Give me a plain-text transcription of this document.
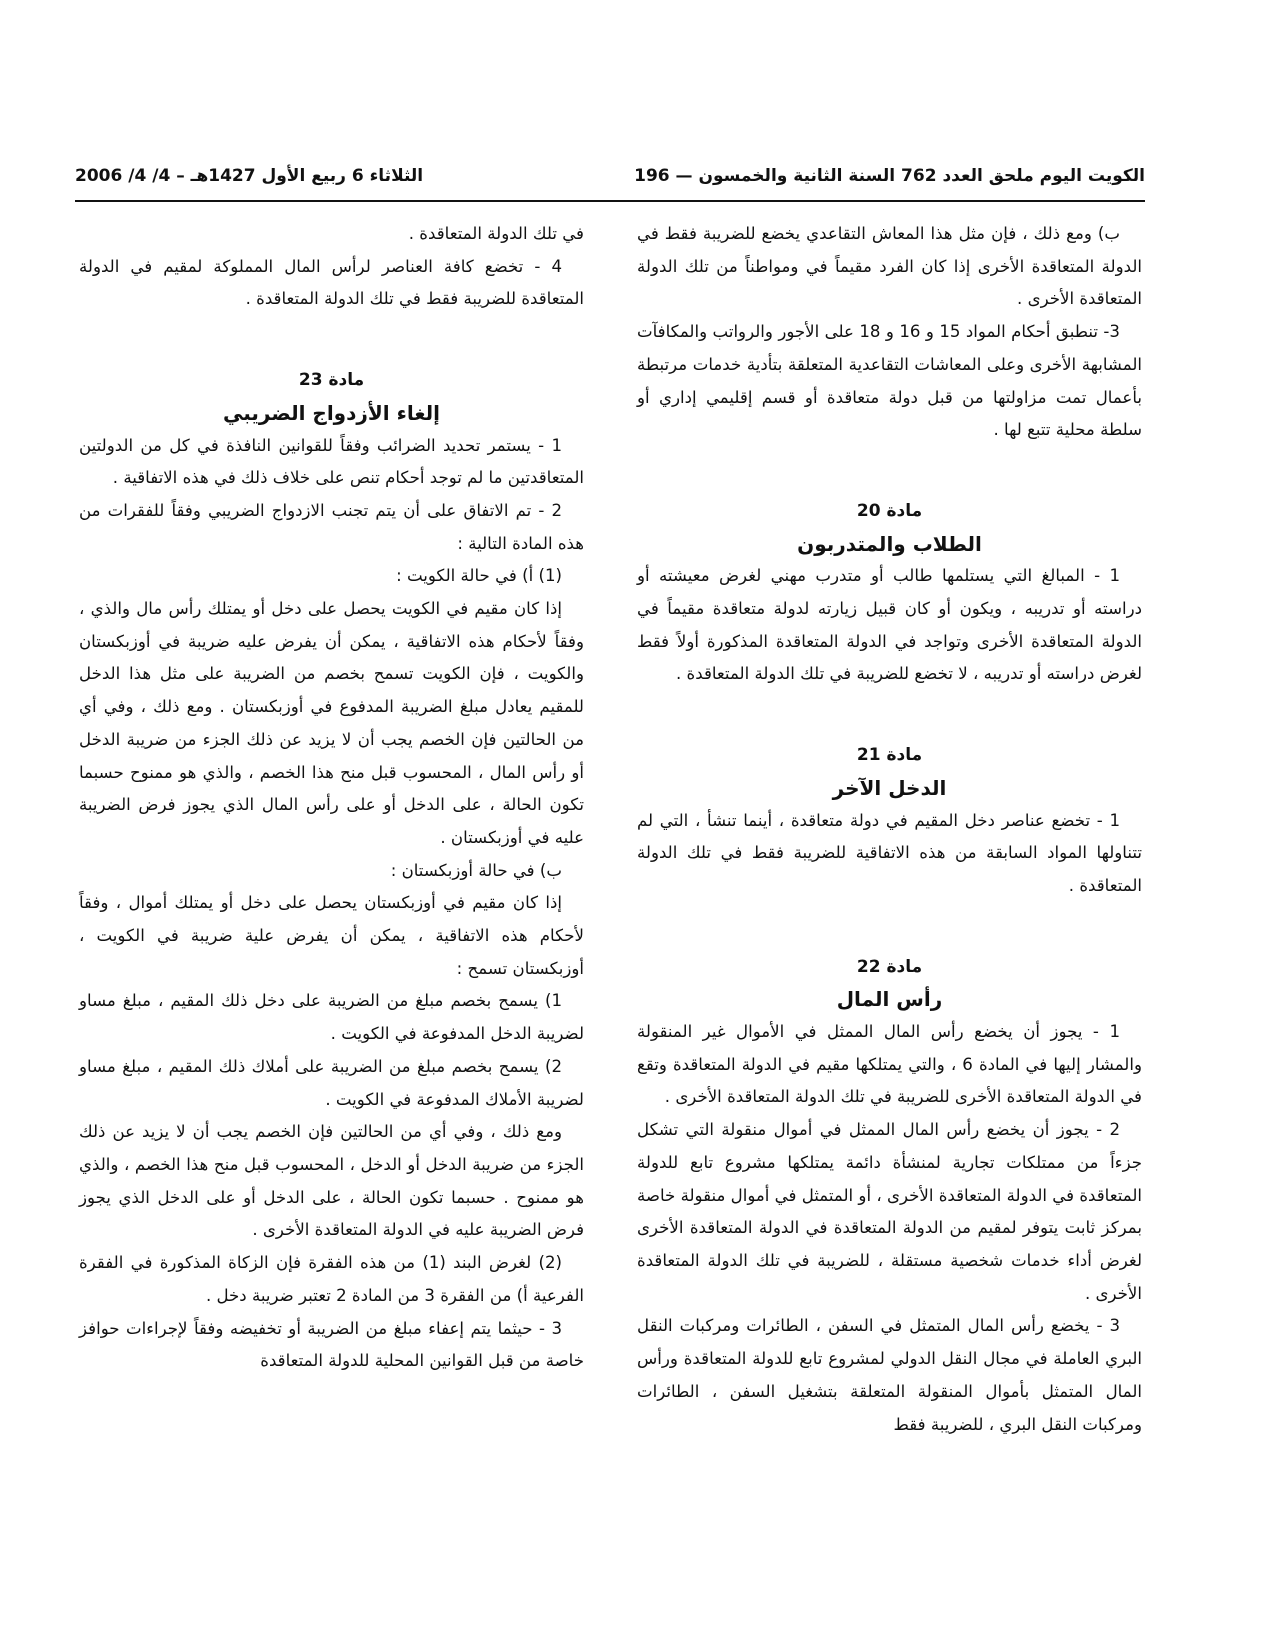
الكويت اليوم ملحق العدد 762 السنة الثانية والخمسون — 196
الثلاثاء 6 ربيع الأول 1427هـ – 4/ 4/ 2006

ب) ومع ذلك ، فإن مثل هذا المعاش التقاعدي يخضع للضريبة فقط في الدولة المتعاقدة الأخرى إذا كان الفرد مقيماً في ومواطناً من تلك الدولة المتعاقدة الأخرى .

3- تنطبق أحكام المواد 15 و 16 و 18 على الأجور والرواتب والمكافآت المشابهة الأخرى وعلى المعاشات التقاعدية المتعلقة بتأدية خدمات مرتبطة بأعمال تمت مزاولتها من قبل دولة متعاقدة أو قسم إقليمي إداري أو سلطة محلية تتبع لها .

مادة 20

الطلاب والمتدربون

1 - المبالغ التي يستلمها طالب أو متدرب مهني لغرض معيشته أو دراسته أو تدريبه ، ويكون أو كان قبيل زيارته لدولة متعاقدة مقيماً في الدولة المتعاقدة الأخرى وتواجد في الدولة المتعاقدة المذكورة أولاً فقط لغرض دراسته أو تدريبه ، لا تخضع للضريبة في تلك الدولة المتعاقدة .

مادة 21

الدخل الآخر

1 - تخضع عناصر دخل المقيم في دولة متعاقدة ، أينما تنشأ ، التي لم تتناولها المواد السابقة من هذه الاتفاقية للضريبة فقط في تلك الدولة المتعاقدة .

مادة 22

رأس المال

1 - يجوز أن يخضع رأس المال الممثل في الأموال غير المنقولة والمشار إليها في المادة 6 ، والتي يمتلكها مقيم في الدولة المتعاقدة وتقع في الدولة المتعاقدة الأخرى للضريبة في تلك الدولة المتعاقدة الأخرى .

2 - يجوز أن يخضع رأس المال الممثل في أموال منقولة التي تشكل جزءاً من ممتلكات تجارية لمنشأة دائمة يمتلكها مشروع تابع للدولة المتعاقدة في الدولة المتعاقدة الأخرى ، أو المتمثل في أموال منقولة خاصة بمركز ثابت يتوفر لمقيم من الدولة المتعاقدة في الدولة المتعاقدة الأخرى لغرض أداء خدمات شخصية مستقلة ، للضريبة في تلك الدولة المتعاقدة الأخرى .

3 - يخضع رأس المال المتمثل في السفن ، الطائرات ومركبات النقل البري العاملة في مجال النقل الدولي لمشروع تابع للدولة المتعاقدة ورأس المال المتمثل بأموال المنقولة المتعلقة بتشغيل السفن ، الطائرات ومركبات النقل البري ، للضريبة فقط

في تلك الدولة المتعاقدة .

4 - تخضع كافة العناصر لرأس المال المملوكة لمقيم في الدولة المتعاقدة للضريبة فقط في تلك الدولة المتعاقدة .

مادة 23

إلغاء الأزدواج الضريبي

1 - يستمر تحديد الضرائب وفقاً للقوانين النافذة في كل من الدولتين المتعاقدتين ما لم توجد أحكام تنص على خلاف ذلك في هذه الاتفاقية .

2 - تم الاتفاق على أن يتم تجنب الازدواج الضريبي وفقاً للفقرات من هذه المادة التالية :

(1) أ) في حالة الكويت :

إذا كان مقيم في الكويت يحصل على دخل أو يمتلك رأس مال والذي ، وفقاً لأحكام هذه الاتفاقية ، يمكن أن يفرض عليه ضريبة في أوزبكستان والكويت ، فإن الكويت تسمح بخصم من الضريبة على مثل هذا الدخل للمقيم يعادل مبلغ الضريبة المدفوع في أوزبكستان . ومع ذلك ، وفي أي من الحالتين فإن الخصم يجب أن لا يزيد عن ذلك الجزء من ضريبة الدخل أو رأس المال ، المحسوب قبل منح هذا الخصم ، والذي هو ممنوح حسبما تكون الحالة ، على الدخل أو على رأس المال الذي يجوز فرض الضريبة عليه في أوزبكستان .

ب) في حالة أوزبكستان :

إذا كان مقيم في أوزبكستان يحصل على دخل أو يمتلك أموال ، وفقاً لأحكام هذه الاتفاقية ، يمكن أن يفرض علية ضريبة في الكويت ، أوزبكستان تسمح :

1) يسمح بخصم مبلغ من الضريبة على دخل ذلك المقيم ، مبلغ مساو لضريبة الدخل المدفوعة في الكويت .

2) يسمح بخصم مبلغ من الضريبة على أملاك ذلك المقيم ، مبلغ مساو لضريبة الأملاك المدفوعة في الكويت .

ومع ذلك ، وفي أي من الحالتين فإن الخصم يجب أن لا يزيد عن ذلك الجزء من ضريبة الدخل أو الدخل ، المحسوب قبل منح هذا الخصم ، والذي هو ممنوح . حسبما تكون الحالة ، على الدخل أو على الدخل الذي يجوز فرض الضريبة عليه في الدولة المتعاقدة الأخرى .

(2) لغرض البند (1) من هذه الفقرة فإن الزكاة المذكورة في الفقرة الفرعية أ) من الفقرة 3 من المادة 2 تعتبر ضريبة دخل .

3 - حيثما يتم إعفاء مبلغ من الضريبة أو تخفيضه وفقاً لإجراءات حوافز خاصة من قبل القوانين المحلية للدولة المتعاقدة
